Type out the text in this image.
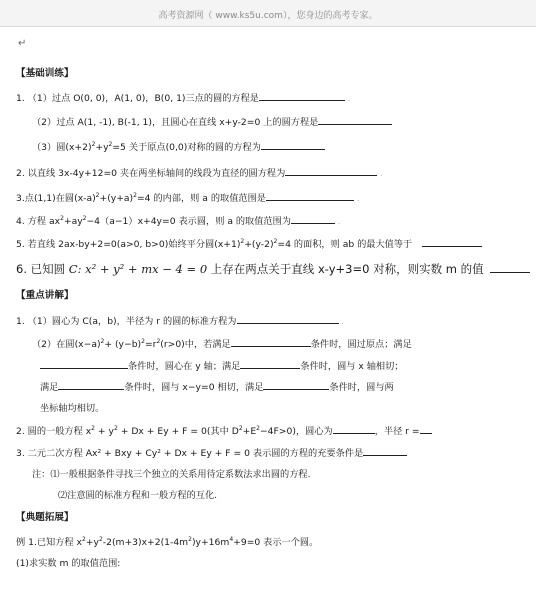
高考资源网（ www.ks5u.com），您身边的高考专家。
↵
【基础训练】
1. （1）过点 O(0, 0)，A(1, 0)，B(0, 1)三点的圆的方程是	.
（2）过点 A(1, -1), B(-1, 1)，且圆心在直线 x+y-2=0 上的圆方程是
（3）圆$(x+2)^2+y^2=5$ 关于原点(0,0)对称的圆的方程为
2. 以直线 3x-4y+12=0 夹在两坐标轴间的线段为直径的圆方程为	.
3.点(1,1)在圆$(x-a)^2+(y+a)^2=4$ 的内部，则 a 的取值范围是	.
4. 方程 $ax^2+ay^2-4(a-1)x+4y=0$ 表示圆，则 a 的取值范围为	.
5. 若直线 2ax-by+2=0(a>0, b>0)始终平分圆$(x+1)^2+(y-2)^2=4$ 的面积，则 ab 的最大值等于
6. 已知圆 C: x² + y² + mx − 4 = 0 上存在两点关于直线 x-y+3=0 对称，则实数 m 的值
【重点讲解】
1. （1）圆心为 C(a，b)，半径为 r 的圆的标准方程为	.
（2）在圆$(x-a)^2+ (y-b)^2=r^2(r>0)$中，若满足	条件时，圆过原点；满足
条件时，圆心在 y 轴；满足	条件时，圆与 x 轴相切；
满足	条件时，圆与 x−y=0 相切，满足	条件时，圆与两
坐标轴均相切。
2. 圆的一般方程 $x^2 + y^2 + Dx + Ey + F = 0$(其中 $D^2+E^2-4F>0$)，圆心为	，半径 r =
3. 二元二次方程 Ax² + Bxy + Cy² + Dx + Ey + F = 0 表示圆的方程的充要条件是
注：⑴一般根据条件寻找三个独立的关系用待定系数法求出圆的方程.
⑵注意圆的标准方程和一般方程的互化.
【典题拓展】
例 1.已知方程 $x^2+y^2-2(m+3)x+2(1-4m^2)y+16m^4+9=0$ 表示一个圆。
(1)求实数 m 的取值范围:
